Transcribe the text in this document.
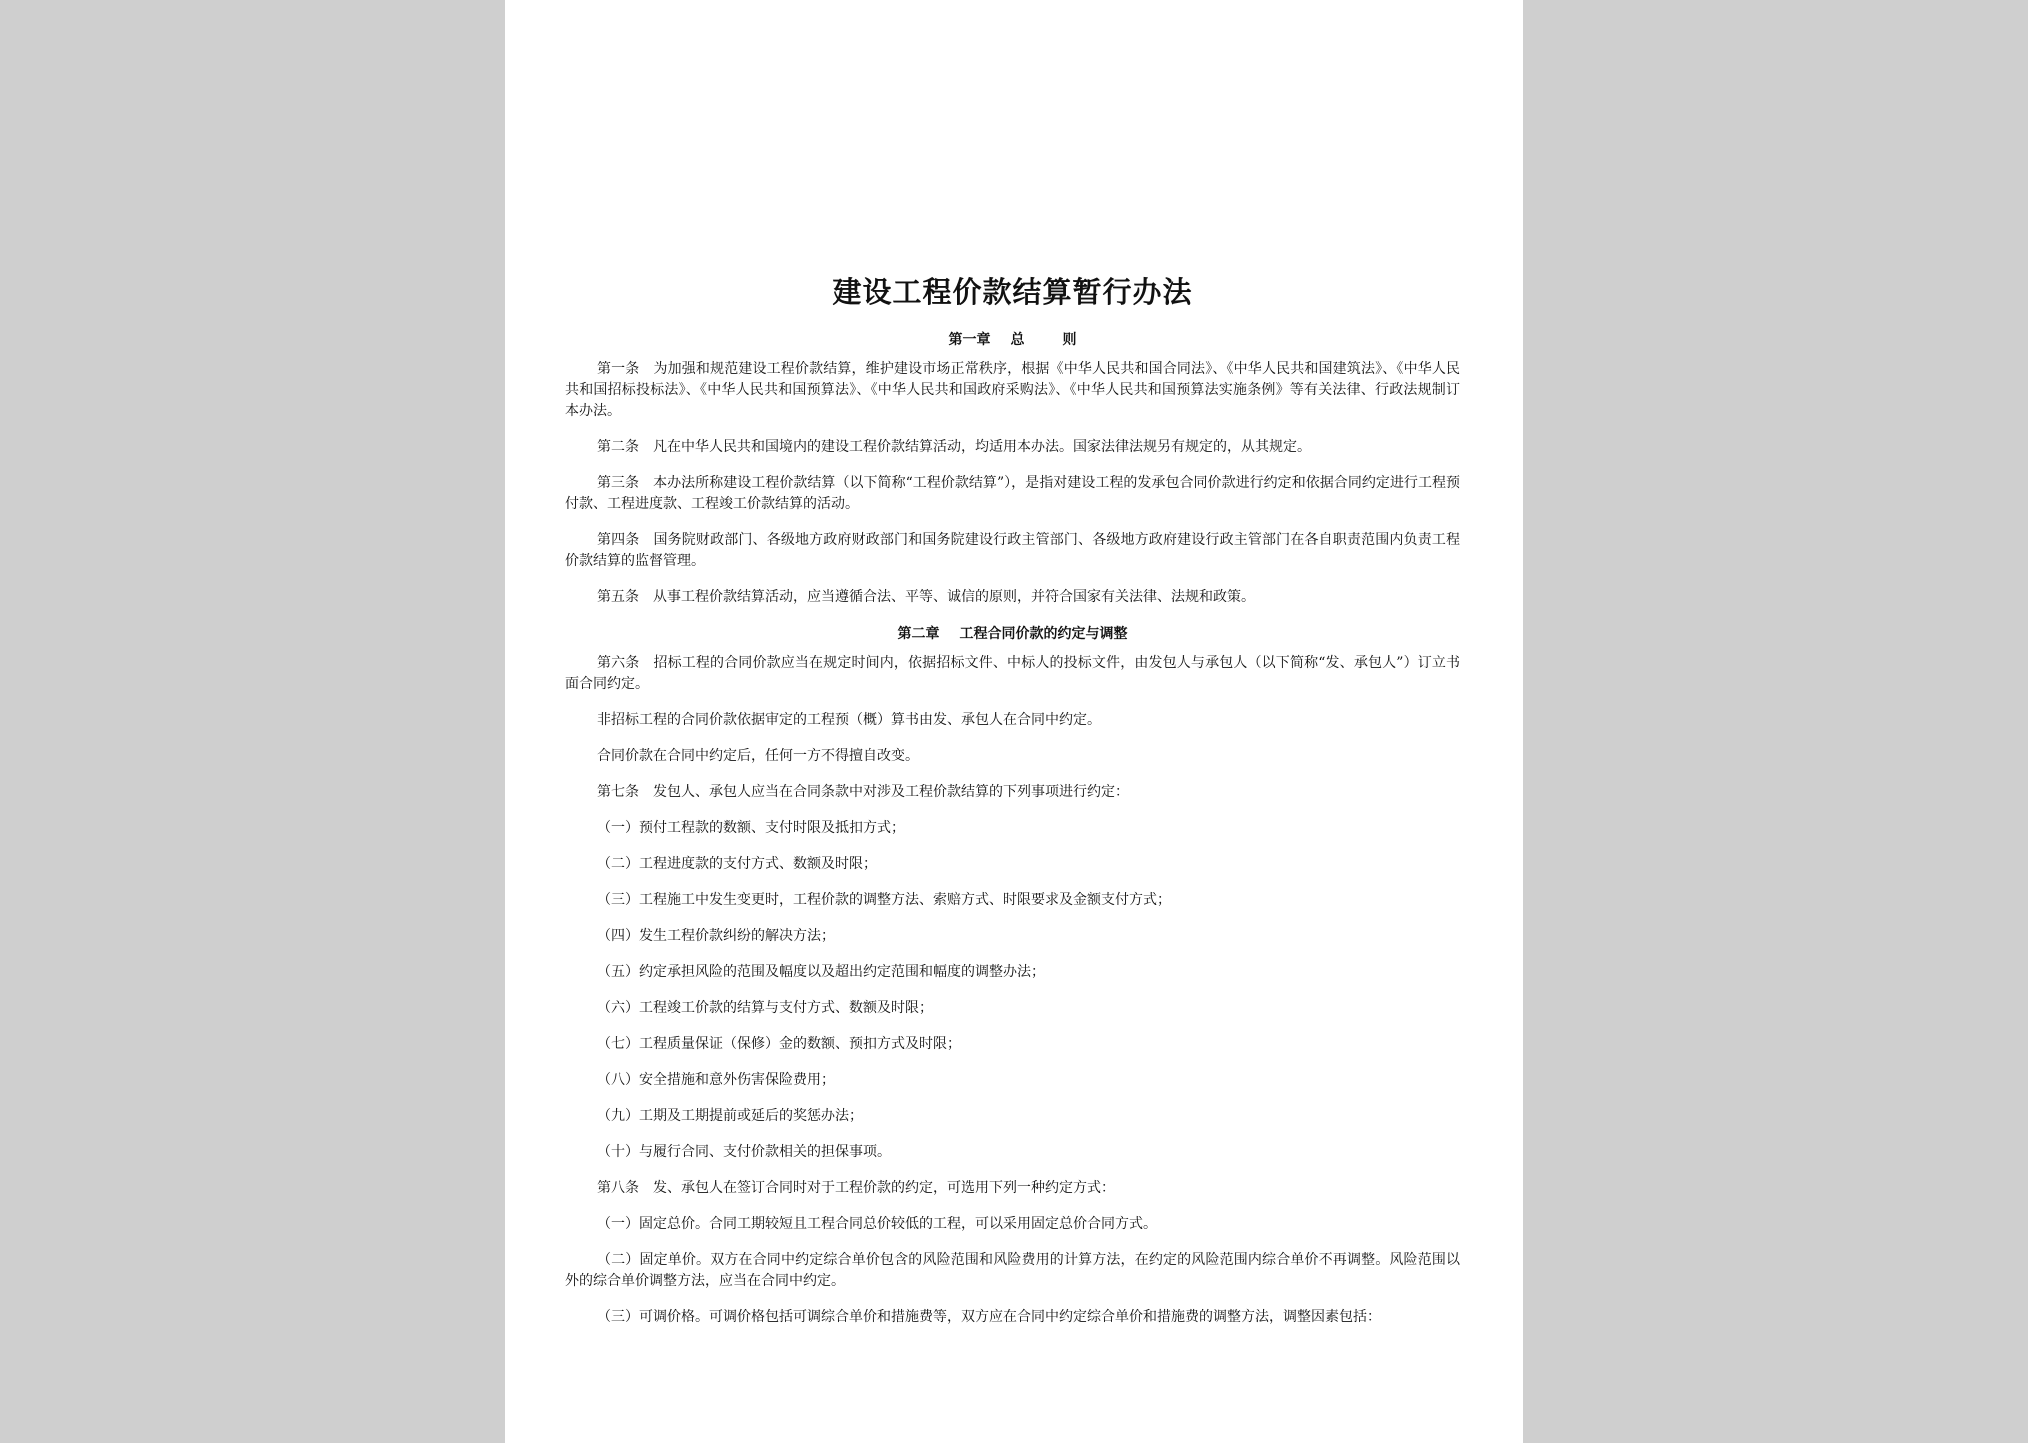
建设工程价款结算暂行办法
第一章 总	则

第一条 为加强和规范建设工程价款结算，维护建设市场正常秩序，根据《中华人民共和国合同法》、《中华人民共和国建筑法》、《中华人民共和国招标投标法》、《中华人民共和国预算法》、《中华人民共和国政府采购法》、《中华人民共和国预算法实施条例》等有关法律、行政法规制订本办法。

第二条 凡在中华人民共和国境内的建设工程价款结算活动，均适用本办法。国家法律法规另有规定的，从其规定。

第三条 本办法所称建设工程价款结算（以下简称“工程价款结算”），是指对建设工程的发承包合同价款进行约定和依据合同约定进行工程预付款、工程进度款、工程竣工价款结算的活动。

第四条 国务院财政部门、各级地方政府财政部门和国务院建设行政主管部门、各级地方政府建设行政主管部门在各自职责范围内负责工程价款结算的监督管理。

第五条 从事工程价款结算活动，应当遵循合法、平等、诚信的原则，并符合国家有关法律、法规和政策。

第二章 工程合同价款的约定与调整

第六条 招标工程的合同价款应当在规定时间内，依据招标文件、中标人的投标文件，由发包人与承包人（以下简称“发、承包人”）订立书面合同约定。

非招标工程的合同价款依据审定的工程预（概）算书由发、承包人在合同中约定。

合同价款在合同中约定后，任何一方不得擅自改变。

第七条 发包人、承包人应当在合同条款中对涉及工程价款结算的下列事项进行约定：

（一）预付工程款的数额、支付时限及抵扣方式；

（二）工程进度款的支付方式、数额及时限；

（三）工程施工中发生变更时，工程价款的调整方法、索赔方式、时限要求及金额支付方式；

（四）发生工程价款纠纷的解决方法；

（五）约定承担风险的范围及幅度以及超出约定范围和幅度的调整办法；

（六）工程竣工价款的结算与支付方式、数额及时限；

（七）工程质量保证（保修）金的数额、预扣方式及时限；

（八）安全措施和意外伤害保险费用；

（九）工期及工期提前或延后的奖惩办法；

（十）与履行合同、支付价款相关的担保事项。

第八条 发、承包人在签订合同时对于工程价款的约定，可选用下列一种约定方式：

（一）固定总价。合同工期较短且工程合同总价较低的工程，可以采用固定总价合同方式。

（二）固定单价。双方在合同中约定综合单价包含的风险范围和风险费用的计算方法，在约定的风险范围内综合单价不再调整。风险范围以外的综合单价调整方法，应当在合同中约定。

（三）可调价格。可调价格包括可调综合单价和措施费等，双方应在合同中约定综合单价和措施费的调整方法，调整因素包括：
